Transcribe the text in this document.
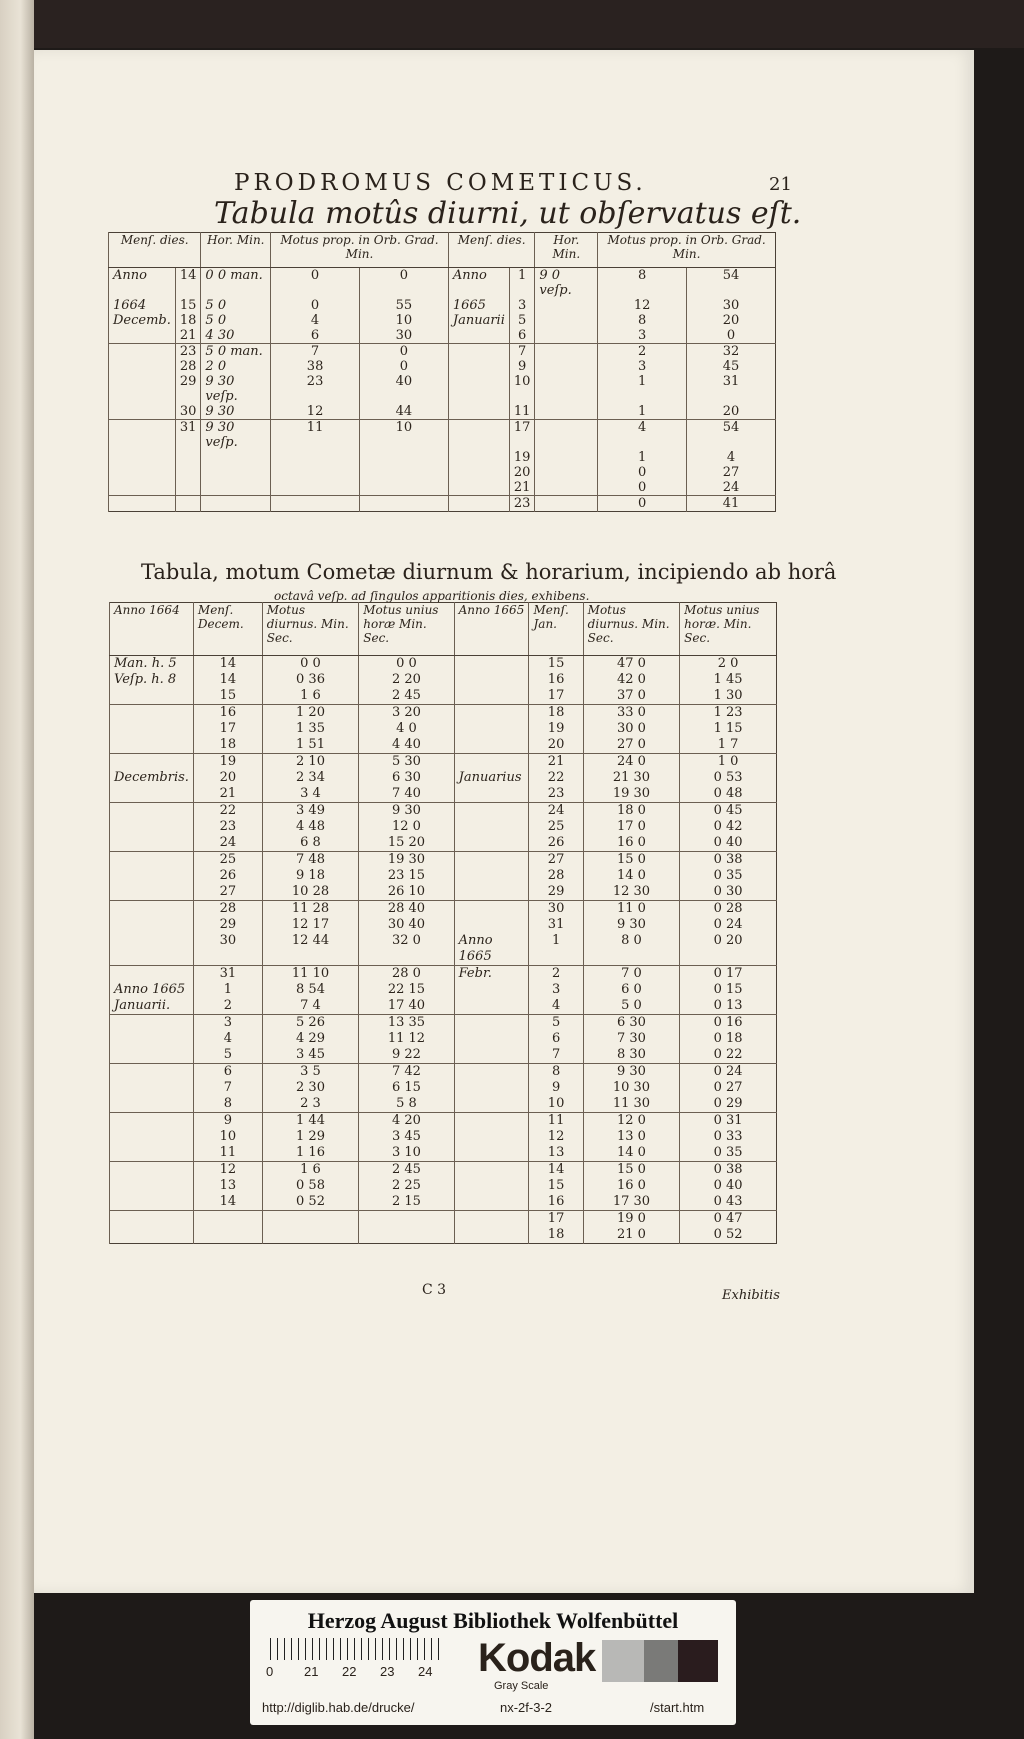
PRODROMUS COMETICUS.	21
Tabula motûs diurni, ut obſervatus eſt.
Menſ. dies.		Hor. Min.	Motus prop. in Orb. Grad. Min.		Menſ. dies.		Hor. Min.	Motus prop. in Orb. Grad. Min.	
Anno	14	0 0 man.	0	0	Anno	1	9 0 veſp.	8	54
1664	15	5 0	0	55	1665	3		12	30
Decemb.	18	5 0	4	10	Januarii	5		8	20
	21	4 30	6	30		6		3	0
	23	5 0 man.	7	0		7		2	32
	28	2 0	38	0		9		3	45
	29	9 30 veſp.	23	40		10		1	31
	30	9 30	12	44		11		1	20
	31	9 30 veſp.	11	10		17		4	54
						19		1	4
						20		0	27
						21		0	24
						23		0	41
Tabula, motum Cometæ diurnum & horarium, incipiendo ab horâ
octavâ veſp. ad ſingulos apparitionis dies, exhibens.
Anno 1664	Menſ. Decem.	Motus diurnus. Min. Sec.	Motus unius horæ Min. Sec.	Anno 1665	Menſ. Jan.	Motus diurnus. Min. Sec.	Motus unius horæ. Min. Sec.
Man. h. 5	14	0 0	0 0		15	47 0	2 0
Veſp. h. 8	14	0 36	2 20		16	42 0	1 45
	15	1 6	2 45		17	37 0	1 30
	16	1 20	3 20		18	33 0	1 23
	17	1 35	4 0		19	30 0	1 15
	18	1 51	4 40		20	27 0	1 7
	19	2 10	5 30		21	24 0	1 0
Decembris.	20	2 34	6 30	Januarius	22	21 30	0 53
	21	3 4	7 40		23	19 30	0 48
	22	3 49	9 30		24	18 0	0 45
	23	4 48	12 0		25	17 0	0 42
	24	6 8	15 20		26	16 0	0 40
	25	7 48	19 30		27	15 0	0 38
	26	9 18	23 15		28	14 0	0 35
	27	10 28	26 10		29	12 30	0 30
	28	11 28	28 40		30	11 0	0 28
	29	12 17	30 40		31	9 30	0 24
	30	12 44	32 0	Anno 1665	1	8 0	0 20
	31	11 10	28 0	Febr.	2	7 0	0 17
Anno 1665	1	8 54	22 15		3	6 0	0 15
Januarii.	2	7 4	17 40		4	5 0	0 13
	3	5 26	13 35		5	6 30	0 16
	4	4 29	11 12		6	7 30	0 18
	5	3 45	9 22		7	8 30	0 22
	6	3 5	7 42		8	9 30	0 24
	7	2 30	6 15		9	10 30	0 27
	8	2 3	5 8		10	11 30	0 29
	9	1 44	4 20		11	12 0	0 31
	10	1 29	3 45		12	13 0	0 33
	11	1 16	3 10		13	14 0	0 35
	12	1 6	2 45		14	15 0	0 38
	13	0 58	2 25		15	16 0	0 40
	14	0 52	2 15		16	17 30	0 43
					17	19 0	0 47
					18	21 0	0 52
C 3	Exhibitis
Herzog August Bibliothek Wolfenbüttel
0 21 22 23 24	Kodak
Gray Scale
http://diglib.hab.de/drucke/	nx-2f-3-2	/start.htm
